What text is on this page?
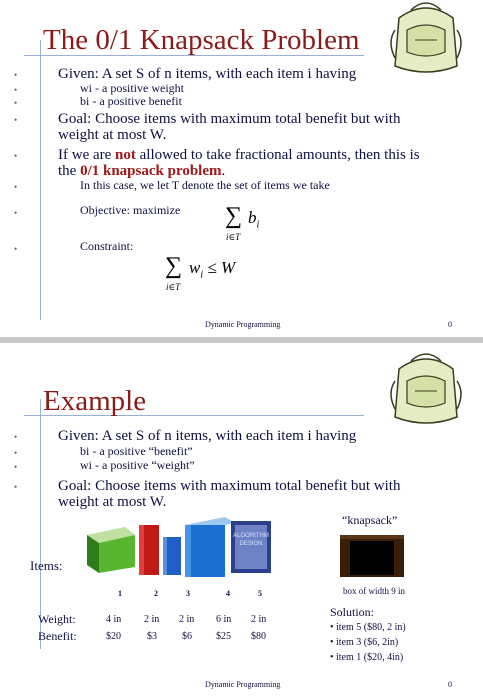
The 0/1 Knapsack Problem
•	Given: A set S of n items, with each item i having
•	wi - a positive weight
•	bi - a positive benefit
•	Goal: Choose items with maximum total benefit but with
weight at most W.
•	If we are not allowed to take fractional amounts, then this is
the 0/1 knapsack problem.
•	In this case, we let T denote the set of items we take
•	Objective: maximize ∑ $b_i$
i∈T
•	Constraint:
∑ $w_i \le W$
i∈T
Dynamic Programming	0
Example
•	Given: A set S of n items, with each item i having
•	bi - a positive “benefit”
•	wi - a positive “weight”
•	Goal: Choose items with maximum total benefit but with
weight at most W.
“knapsack”
Items:
ALGORITHM
DESIGN
box of width 9 in
1	2	3	4	5
Weight:	4 in 2 in 2 in 6 in 2 in
Benefit:	$20	$3	$6 $25 $80
Solution:
• item 5 ($80, 2 in)
• item 3 ($6, 2in)
• item 1 ($20, 4in)
Dynamic Programming	0
